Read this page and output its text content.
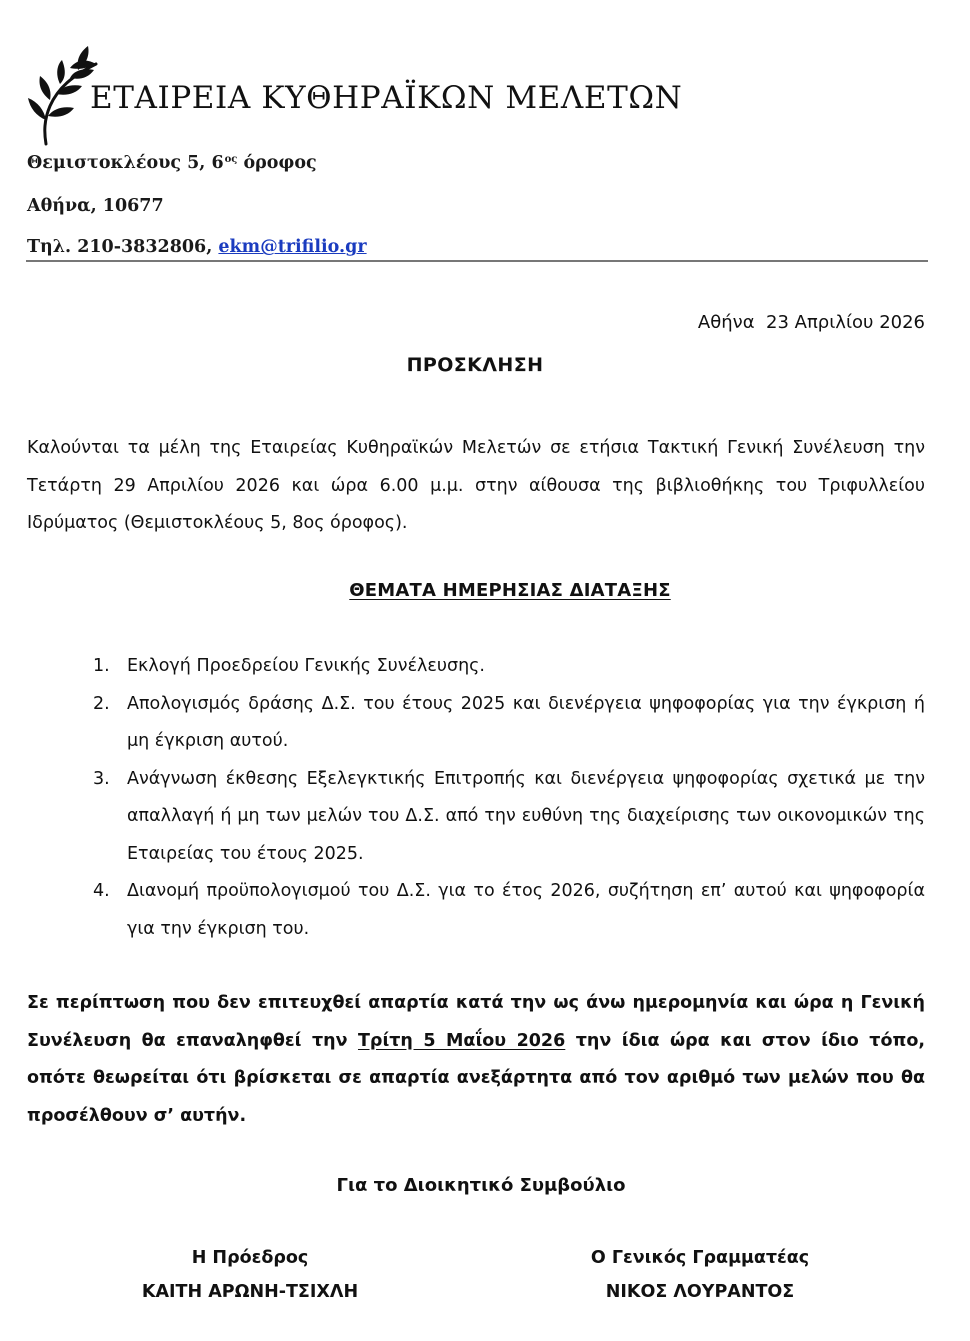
ΕΤΑΙΡΕΙΑ ΚΥΘΗΡΑΪΚΩΝ ΜΕΛΕΤΩΝ
Θεμιστοκλέους 5, $6^{o\varsigma}$ όροφος
Αθήνα, 10677
Τηλ. 210-3832806, ekm@trifilio.gr
Αθήνα  23 Απριλίου 2026
ΠΡΟΣΚΛΗΣΗ

Καλούνται τα μέλη της Εταιρείας Κυθηραϊκών Μελετών σε ετήσια Τακτική Γενική Συνέλευση την Τετάρτη 29 Απριλίου 2026 και ώρα 6.00 μ.μ. στην αίθουσα της βιβλιοθήκης του Τριφυλλείου Ιδρύματος (Θεμιστοκλέους 5, 8ος όροφος).

ΘΕΜΑΤΑ ΗΜΕΡΗΣΙΑΣ ΔΙΑΤΑΞΗΣ
1. Εκλογή Προεδρείου Γενικής Συνέλευσης.
2. Απολογισμός δράσης Δ.Σ. του έτους 2025 και διενέργεια ψηφοφορίας για την έγκριση ή μη έγκριση αυτού.
3. Ανάγνωση έκθεσης Εξελεγκτικής Επιτροπής και διενέργεια ψηφοφορίας σχετικά με την απαλλαγή ή μη των μελών του Δ.Σ. από την ευθύνη της διαχείρισης των οικονομικών της Εταιρείας του έτους 2025.
4. Διανομή προϋπολογισμού του Δ.Σ. για το έτος 2026, συζήτηση επ’ αυτού και ψηφοφορία για την έγκριση του.

Σε περίπτωση που δεν επιτευχθεί απαρτία κατά την ως άνω ημερομηνία και ώρα η Γενική Συνέλευση θα επαναληφθεί την Τρίτη 5 Μαΐου 2026 την ίδια ώρα και στον ίδιο τόπο, οπότε θεωρείται ότι βρίσκεται σε απαρτία ανεξάρτητα από τον αριθμό των μελών που θα προσέλθουν σ’ αυτήν.

Για το Διοικητικό Συμβούλιο
Η Πρόεδρος
ΚΑΙΤΗ ΑΡΩΝΗ-ΤΣΙΧΛΗ
Ο Γενικός Γραμματέας
ΝΙΚΟΣ ΛΟΥΡΑΝΤΟΣ
